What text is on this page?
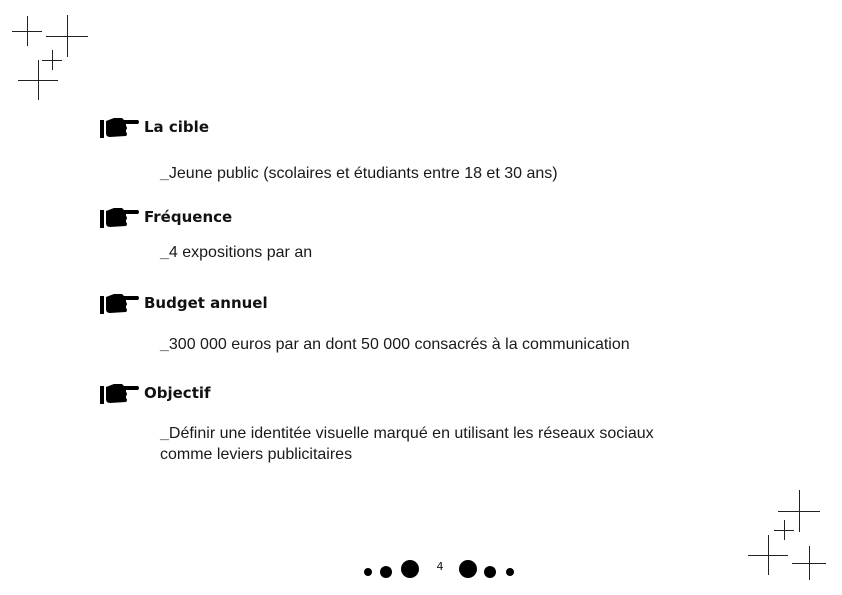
La cible
_Jeune public (scolaires et étudiants entre 18 et 30 ans)
Fréquence
_4 expositions par an
Budget annuel
_300 000 euros par an dont 50 000 consacrés à la communication
Objectif
_Définir une identitée visuelle marqué en utilisant les réseaux sociaux
comme leviers publicitaires
4
